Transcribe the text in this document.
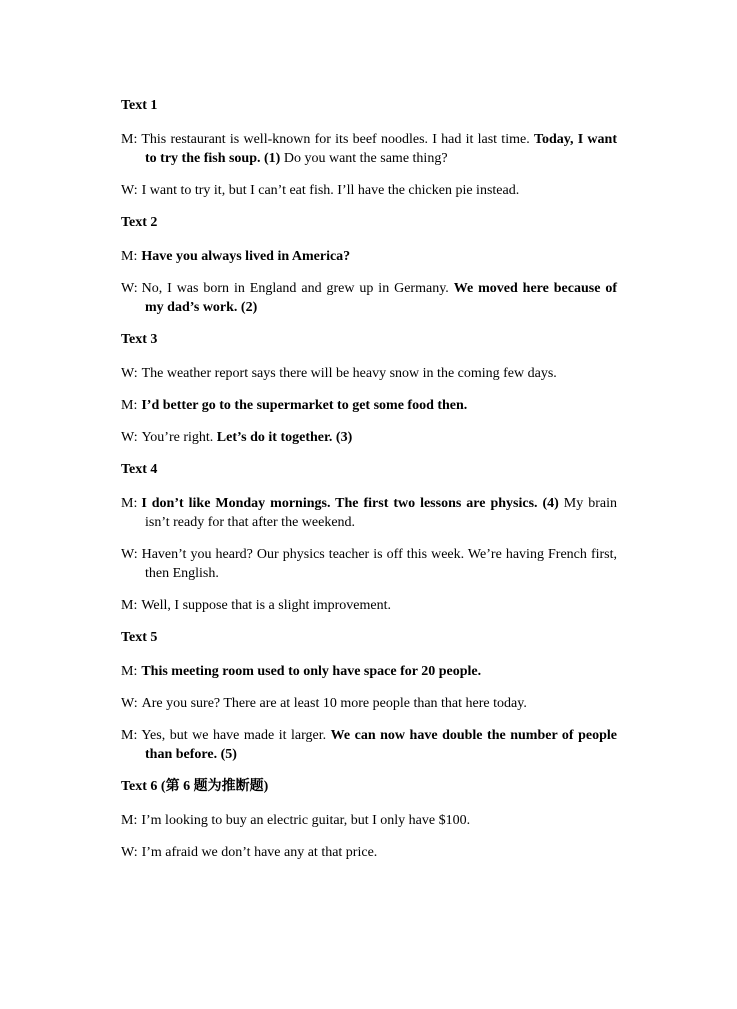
Text 1
M: This restaurant is well-known for its beef noodles. I had it last time. Today, I want to try the fish soup. (1) Do you want the same thing?
W: I want to try it, but I can’t eat fish. I’ll have the chicken pie instead.
Text 2
M: Have you always lived in America?
W: No, I was born in England and grew up in Germany. We moved here because of my dad’s work. (2)
Text 3
W: The weather report says there will be heavy snow in the coming few days.
M: I’d better go to the supermarket to get some food then.
W: You’re right. Let’s do it together. (3)
Text 4
M: I don’t like Monday mornings. The first two lessons are physics. (4) My brain isn’t ready for that after the weekend.
W: Haven’t you heard? Our physics teacher is off this week. We’re having French first, then English.
M: Well, I suppose that is a slight improvement.
Text 5
M: This meeting room used to only have space for 20 people.
W: Are you sure? There are at least 10 more people than that here today.
M: Yes, but we have made it larger. We can now have double the number of people than before. (5)
Text 6 (第 6 题为推断题)
M: I’m looking to buy an electric guitar, but I only have $100.
W: I’m afraid we don’t have any at that price.
